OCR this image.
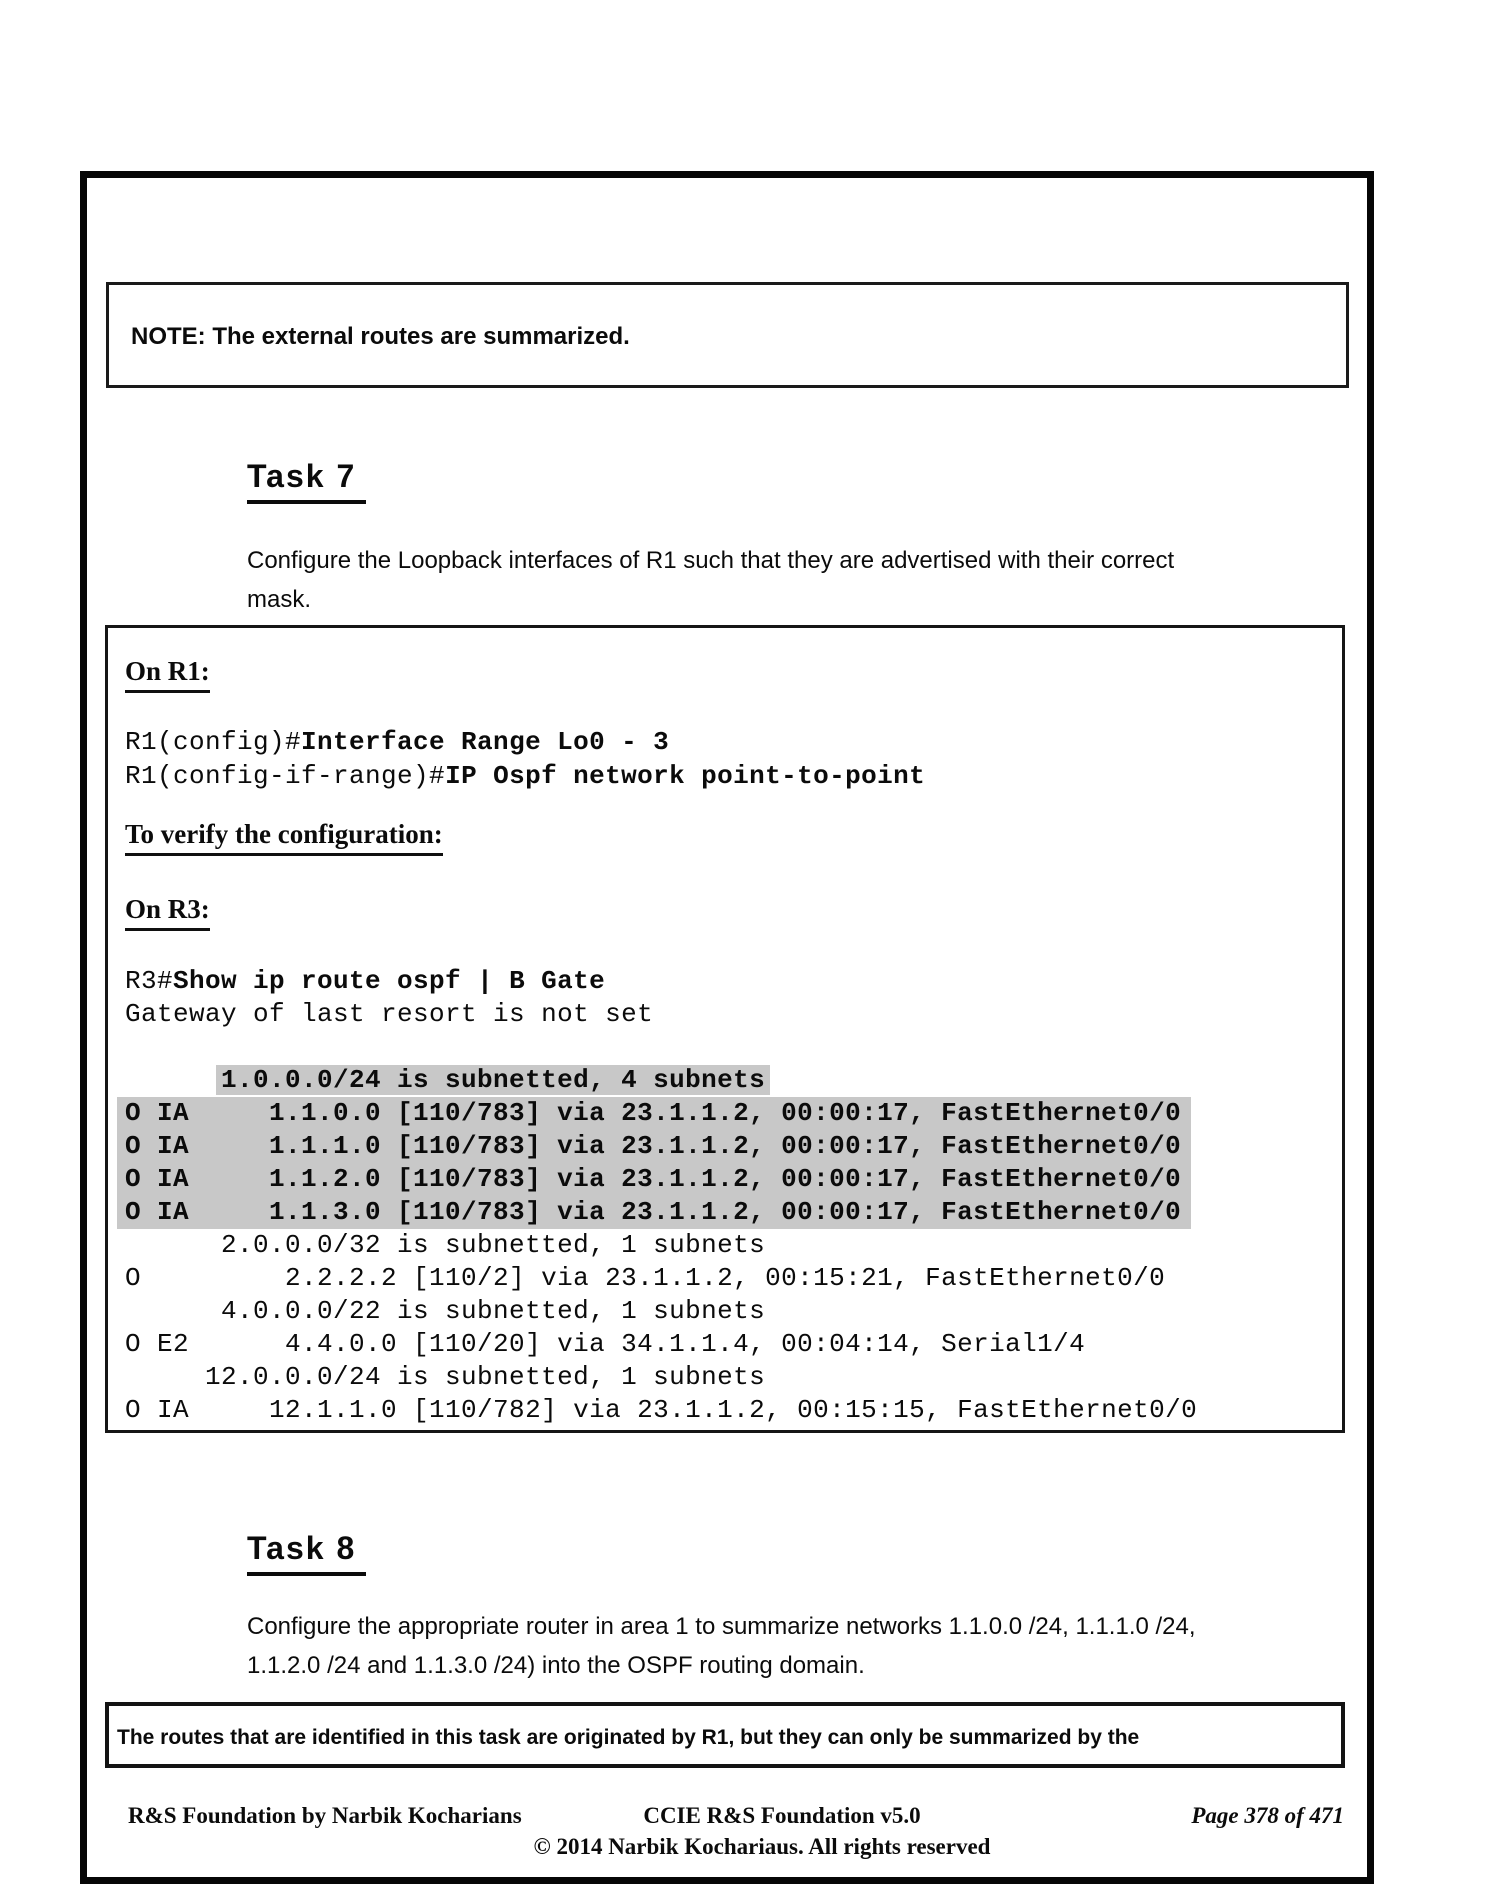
NOTE: The external routes are summarized.
Task 7
Configure the Loopback interfaces of R1 such that they are advertised with their correct
mask.
On R1:
R1(config)#Interface Range Lo0 - 3
R1(config-if-range)#IP Ospf network point-to-point
To verify the configuration:
On R3:
R3#Show ip route ospf | B Gate
Gateway of last resort is not set
1.0.0.0/24 is subnetted, 4 subnets
O IA     1.1.0.0 [110/783] via 23.1.1.2, 00:00:17, FastEthernet0/0
O IA     1.1.1.0 [110/783] via 23.1.1.2, 00:00:17, FastEthernet0/0
O IA     1.1.2.0 [110/783] via 23.1.1.2, 00:00:17, FastEthernet0/0
O IA     1.1.3.0 [110/783] via 23.1.1.2, 00:00:17, FastEthernet0/0
2.0.0.0/32 is subnetted, 1 subnets
O         2.2.2.2 [110/2] via 23.1.1.2, 00:15:21, FastEthernet0/0
4.0.0.0/22 is subnetted, 1 subnets
O E2      4.4.0.0 [110/20] via 34.1.1.4, 00:04:14, Serial1/4
12.0.0.0/24 is subnetted, 1 subnets
O IA     12.1.1.0 [110/782] via 23.1.1.2, 00:15:15, FastEthernet0/0
Task 8
Configure the appropriate router in area 1 to summarize networks 1.1.0.0 /24, 1.1.1.0 /24,
1.1.2.0 /24 and 1.1.3.0 /24) into the OSPF routing domain.
The routes that are identified in this task are originated by R1, but they can only be summarized by the
R&S Foundation by Narbik Kocharians	CCIE R&S Foundation v5.0	Page 378 of 471
© 2014 Narbik Kochariaus. All rights reserved
